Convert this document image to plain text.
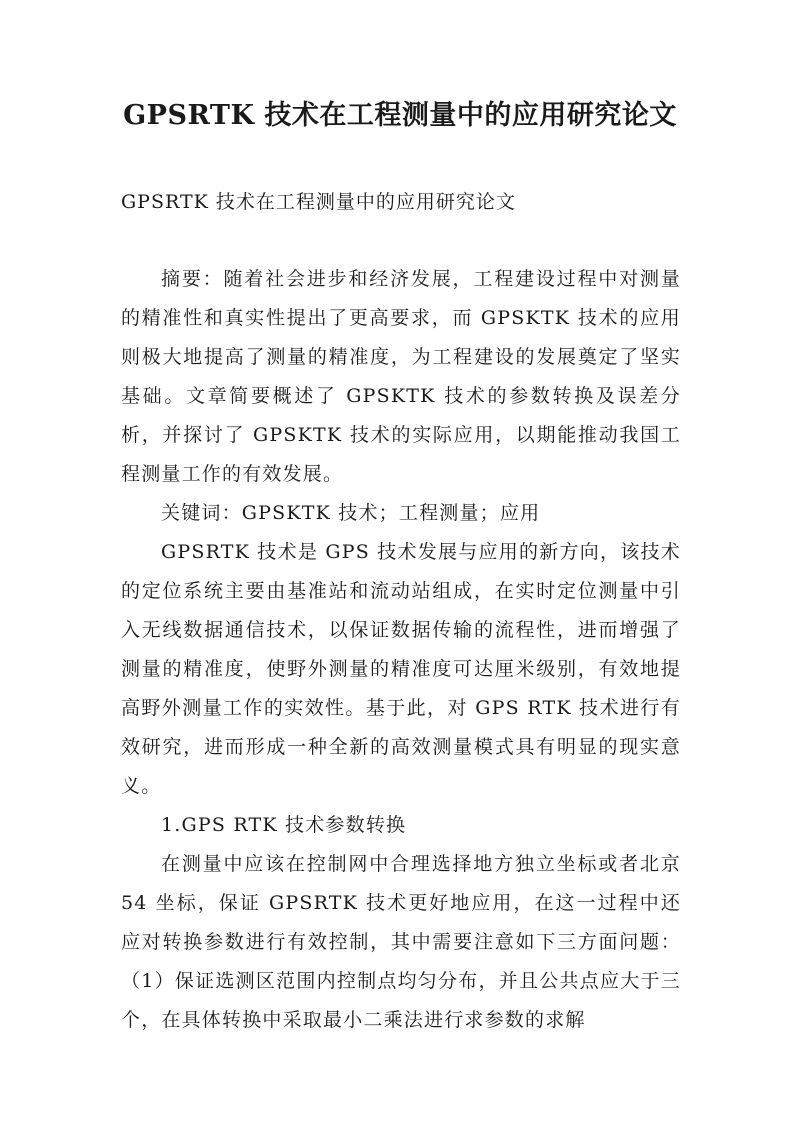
GPSRTK 技术在工程测量中的应用研究论文
GPSRTK 技术在工程测量中的应用研究论文

摘要：随着社会进步和经济发展，工程建设过程中对测量的精准性和真实性提出了更高要求，而 GPSKTK 技术的应用则极大地提高了测量的精准度，为工程建设的发展奠定了坚实基础。文章简要概述了 GPSKTK 技术的参数转换及误差分析，并探讨了 GPSKTK 技术的实际应用，以期能推动我国工程测量工作的有效发展。

关键词：GPSKTK 技术；工程测量；应用

GPSRTK 技术是 GPS 技术发展与应用的新方向，该技术的定位系统主要由基准站和流动站组成，在实时定位测量中引入无线数据通信技术，以保证数据传输的流程性，进而增强了测量的精准度，使野外测量的精准度可达厘米级别，有效地提高野外测量工作的实效性。基于此，对 GPS RTK 技术进行有效研究，进而形成一种全新的高效测量模式具有明显的现实意义。

1.GPS RTK 技术参数转换

在测量中应该在控制网中合理选择地方独立坐标或者北京 54 坐标，保证 GPSRTK 技术更好地应用，在这一过程中还应对转换参数进行有效控制，其中需要注意如下三方面问题：（1）保证选测区范围内控制点均匀分布，并且公共点应大于三个，在具体转换中采取最小二乘法进行求参数的求解
